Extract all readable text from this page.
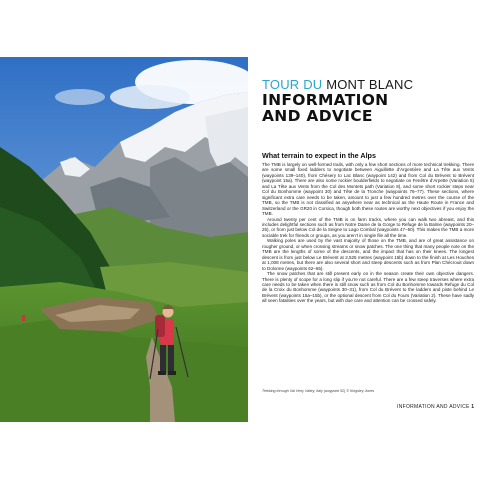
TOUR DU MONT BLANC
INFORMATION
AND ADVICE
What terrain to expect in the Alps

The TMB is largely on well-formed trails, with only a few short sections of more technical trekking. There are some small fixed ladders to negotiate between Aiguillette d’Argentière and La Tête aux Vents (waypoints 139–140), from Chésery to Lac Blanc (waypoint 142) and from Col du Brévent to Brévent (waypoint 15a). There are also some rockier boulderfields to negotiate on Fenêtre d’Arpette (Variation 5) and La Tête aux Vents from the Col des Montets path (Variation 8), and some short rockier steps near Col du Bonhomme (waypoint 30) and Tête de la Tronche (waypoints 76–77). These sections, where significant extra care needs to be taken, amount to just a few hundred metres over the course of the TMB, so the TMB is not classified as anywhere near as technical as the Haute Route in France and Switzerland or the GR20 in Corsica, though both these routes are worthy next objectives if you enjoy the TMB.

Around twenty per cent of the TMB is on farm tracks, where you can walk two abreast, and this includes delightful sections such as from Notre Dame de la Gorge to Refuge de la Balme (waypoints 20–25), or from just below Col de la Seigne to Lago Combal (waypoints 47–50). This makes the TMB a more sociable trek for friends or groups, as you aren’t in single file all the time.

Walking poles are used by the vast majority of those on the TMB, and are of great assistance on rougher ground, or when crossing streams or snow patches. The one thing that many people note on the TMB are the lengths of some of the descents, and the impact that has on their knees. The longest descent is from just below Le Brévent at 2,525 metres (waypoint 15b) down to the finish at Les Houches at 1,008 metres, but there are also several short and steep descents such as from Plan Chécrouit down to Dolonne (waypoints 62–65).

The snow patches that are still present early on in the season create their own objective dangers. There is plenty of scope for a long slip if you’re not careful. There are a few steep traverses where extra care needs to be taken when there is still snow such as from Col du Bonhomme towards Refuge du Col de la Croix du Bonhomme (waypoints 30–31), from Col du Brévent to the ladders and piste behind Le Brévent (waypoints 15a–15b), or the optional descent from Col du Fours (Variation 2). These have sadly all seen fatalities over the years, but with due care and attention can be crossed safely.

Trekking through Val Veny Valley, Italy (waypoint 52) © Kingsley Jones
INFORMATION AND ADVICE 1
